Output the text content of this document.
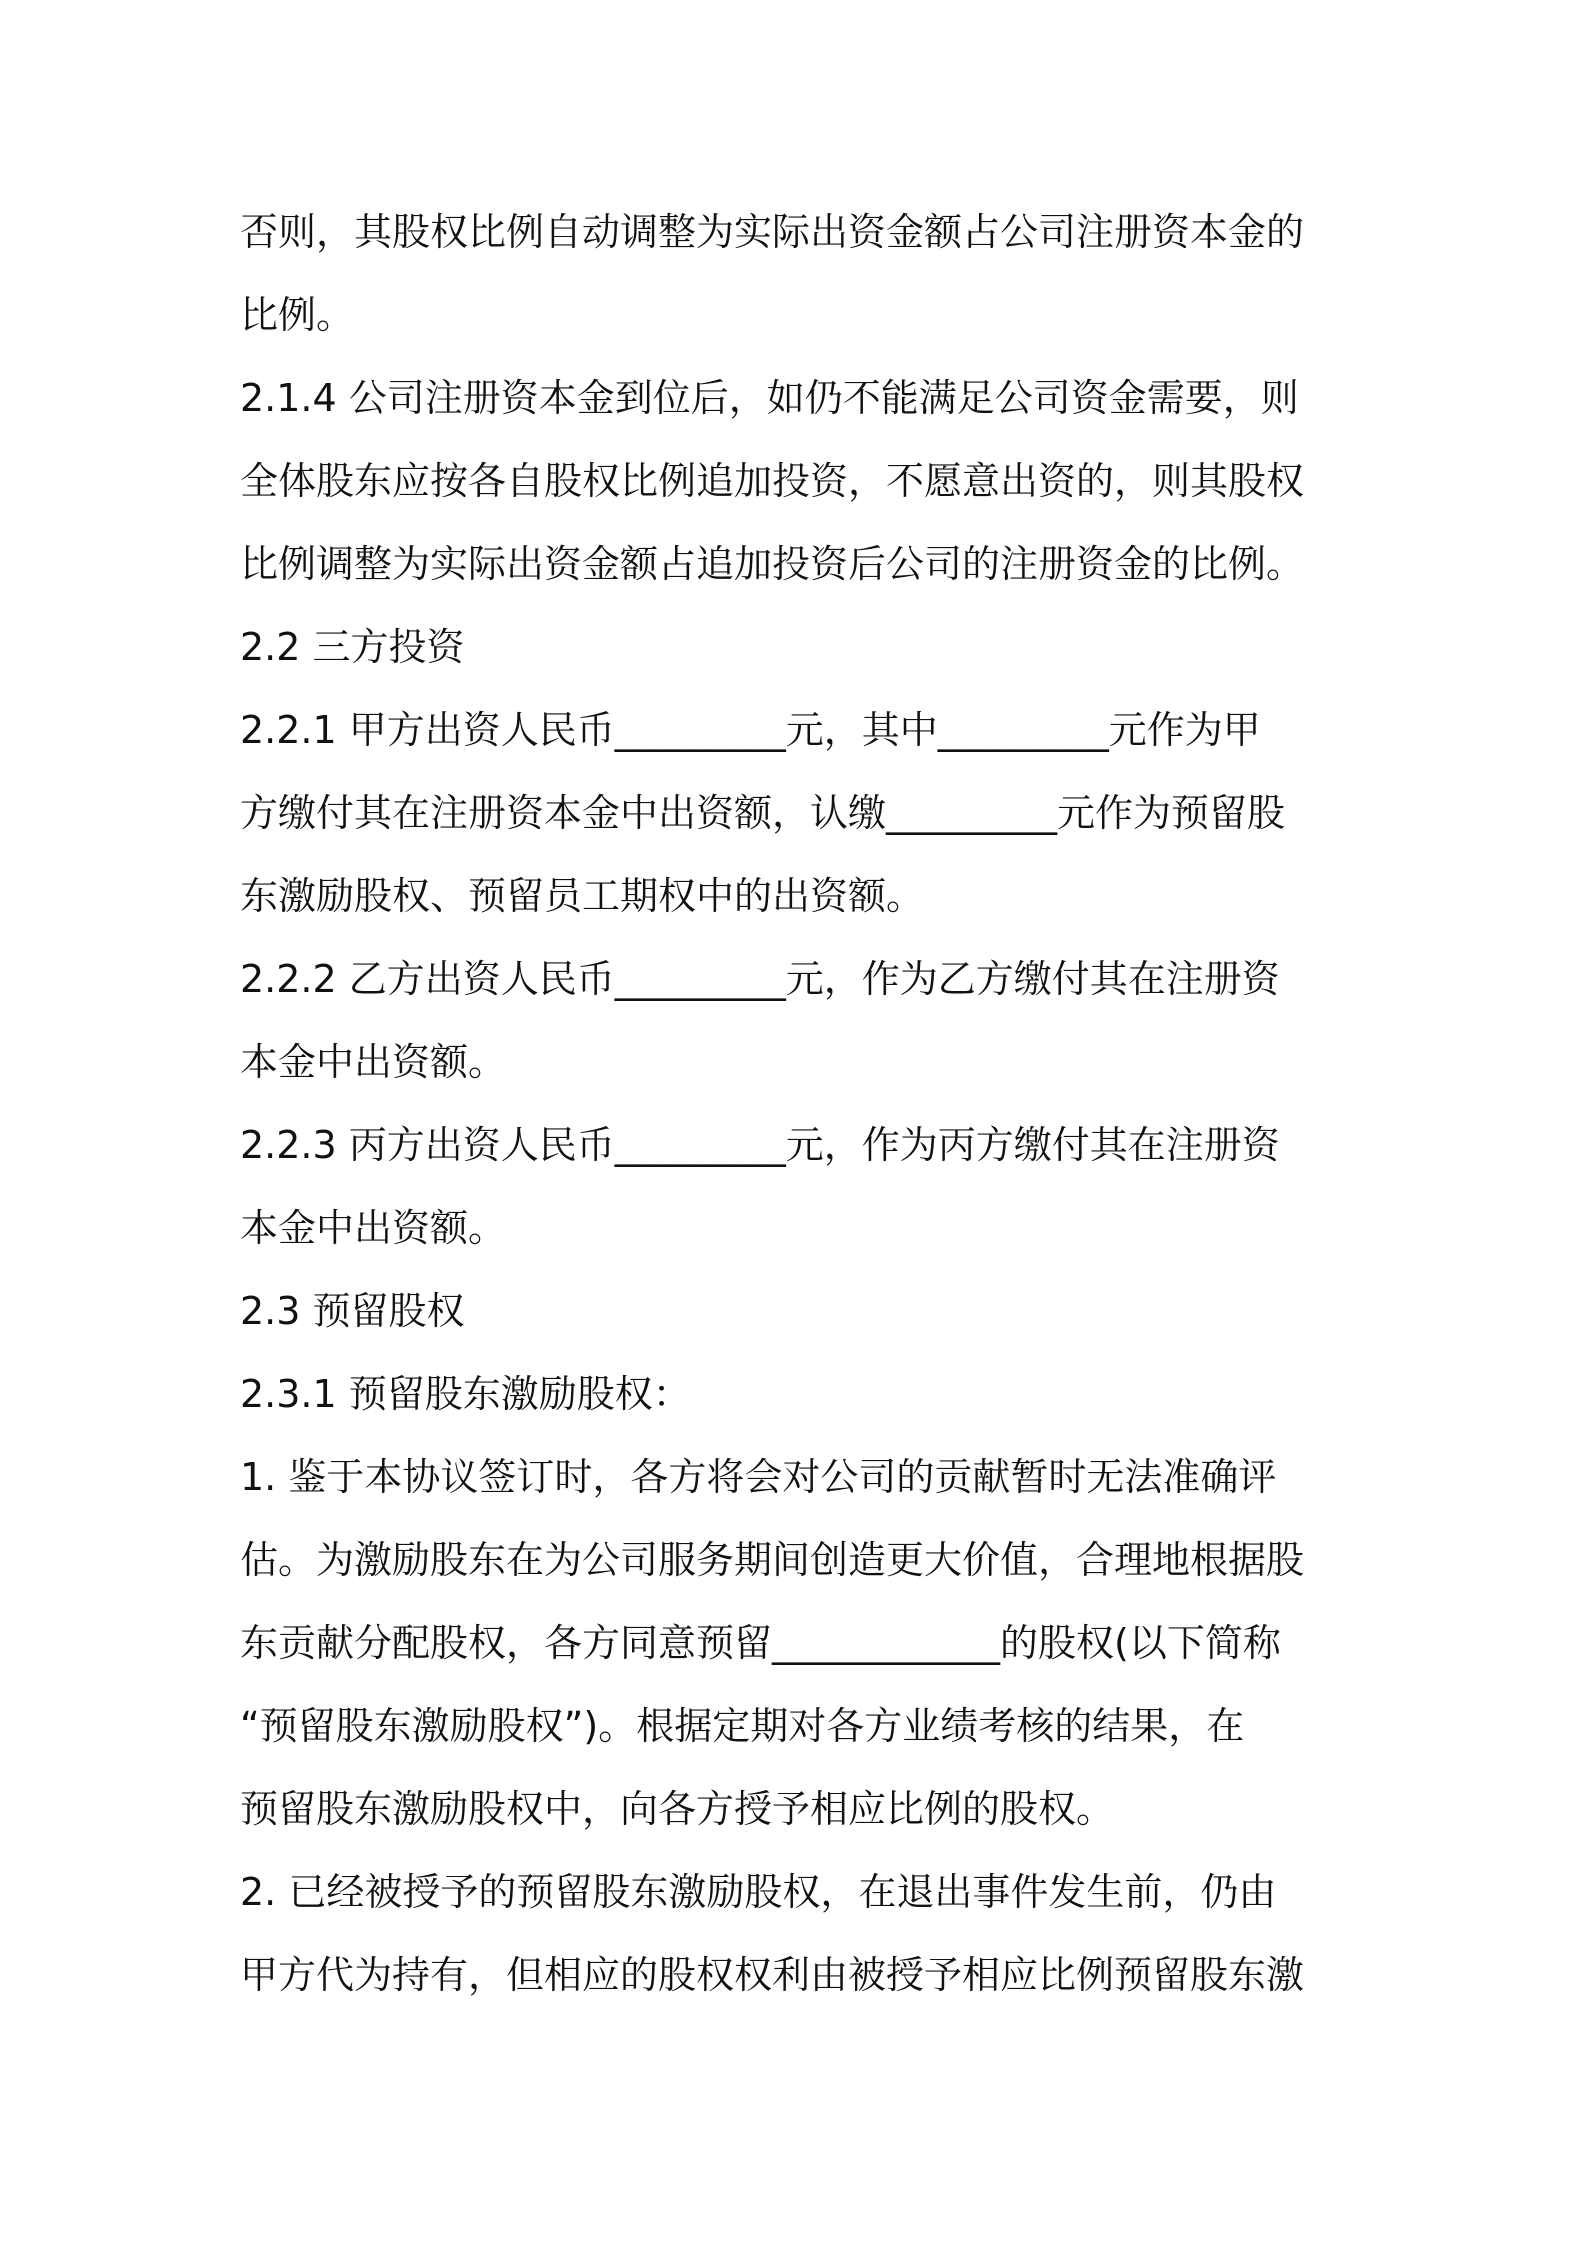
否则，其股权比例自动调整为实际出资金额占公司注册资本金的
比例。
2.1.4 公司注册资本金到位后，如仍不能满足公司资金需要，则
全体股东应按各自股权比例追加投资，不愿意出资的，则其股权
比例调整为实际出资金额占追加投资后公司的注册资金的比例。
2.2 三方投资
2.2.1 甲方出资人民币_________元，其中_________元作为甲
方缴付其在注册资本金中出资额，认缴_________元作为预留股
东激励股权、预留员工期权中的出资额。
2.2.2 乙方出资人民币_________元，作为乙方缴付其在注册资
本金中出资额。
2.2.3 丙方出资人民币_________元，作为丙方缴付其在注册资
本金中出资额。
2.3 预留股权
2.3.1 预留股东激励股权：
1. 鉴于本协议签订时，各方将会对公司的贡献暂时无法准确评
估。为激励股东在为公司服务期间创造更大价值，合理地根据股
东贡献分配股权，各方同意预留____________的股权(以下简称
“预留股东激励股权”)。根据定期对各方业绩考核的结果，在
预留股东激励股权中，向各方授予相应比例的股权。
2. 已经被授予的预留股东激励股权，在退出事件发生前，仍由
甲方代为持有，但相应的股权权利由被授予相应比例预留股东激
